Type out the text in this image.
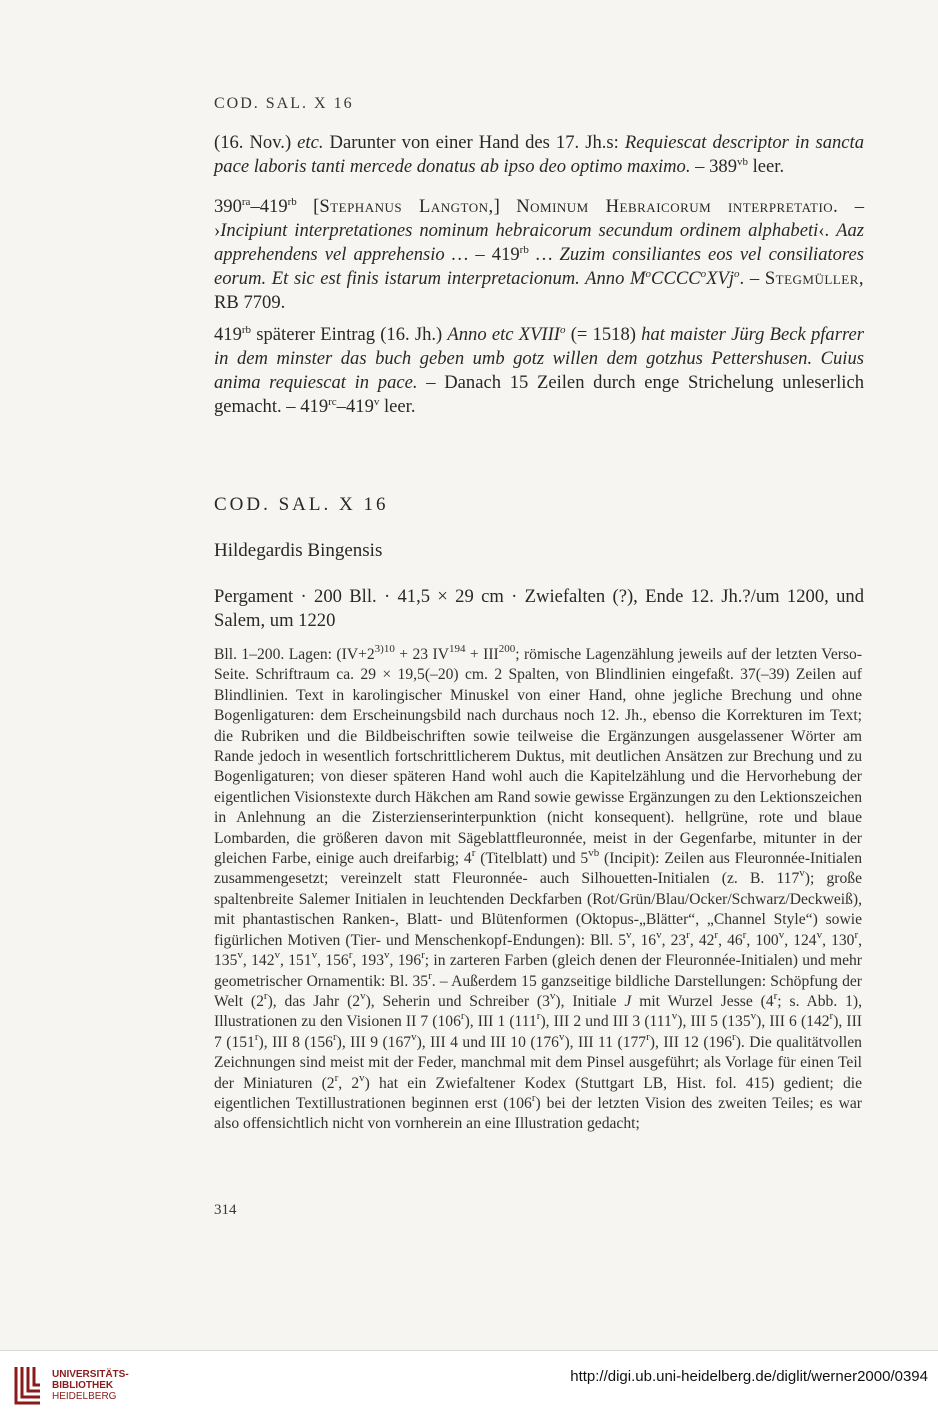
COD. SAL. X 16

(16. Nov.) etc. Darunter von einer Hand des 17. Jh.s: Requiescat descriptor in sancta pace laboris tanti mercede donatus ab ipso deo optimo maximo. – $389^{vb}$ leer.

$390^{ra}-419^{rb}$ [Stephanus Langton,] Nominum Hebraicorum interpretatio. – ›Incipiunt interpretationes nominum hebraicorum secundum ordinem alphabeti‹. Aaz apprehendens vel apprehensio … – $419^{rb}$ … Zuzim consiliantes eos vel consiliatores eorum. Et sic est finis istarum interpretacionum. Anno $M^oCCCC^oXVj^o$. – Stegmüller, RB 7709.

$419^{rb}$ späterer Eintrag (16. Jh.) Anno etc XVIII$^o$ (= 1518) hat maister Jürg Beck pfarrer in dem minster das buch geben umb gotz willen dem gotzhus Pettershusen. Cuius anima requiescat in pace. – Danach 15 Zeilen durch enge Strichelung unleserlich gemacht. – $419^{rc}-419^v$ leer.

COD. SAL. X 16
Hildegardis Bingensis

Pergament · 200 Bll. · 41,5 × 29 cm · Zwiefalten (?), Ende 12. Jh.?/um 1200, und Salem, um 1220

Bll. 1–200. Lagen: ($IV+2^{3)10} + 23$ $IV^{194} + III^{200}$; römische Lagenzählung jeweils auf der letzten Verso-Seite. Schriftraum ca. 29 × 19,5(–20) cm. 2 Spalten, von Blindlinien eingefaßt. 37(–39) Zeilen auf Blindlinien. Text in karolingischer Minuskel von einer Hand, ohne jegliche Brechung und ohne Bogenligaturen: dem Erscheinungsbild nach durchaus noch 12. Jh., ebenso die Korrekturen im Text; die Rubriken und die Bildbeischriften sowie teilweise die Ergänzungen ausgelassener Wörter am Rande jedoch in wesentlich fortschrittlicherem Duktus, mit deutlichen Ansätzen zur Brechung und zu Bogenligaturen; von dieser späteren Hand wohl auch die Kapitelzählung und die Hervorhebung der eigentlichen Visionstexte durch Häkchen am Rand sowie gewisse Ergänzungen zu den Lektionszeichen in Anlehnung an die Zisterzienserinterpunktion (nicht konsequent). hellgrüne, rote und blaue Lombarden, die größeren davon mit Sägeblattfleuronnée, meist in der Gegenfarbe, mitunter in der gleichen Farbe, einige auch dreifarbig; 4$^r$ (Titelblatt) und $5^{vb}$ (Incipit): Zeilen aus Fleuronnée-Initialen zusammengesetzt; vereinzelt statt Fleuronnée- auch Silhouetten-Initialen (z. B. 117$^v$); große spaltenbreite Salemer Initialen in leuchtenden Deckfarben (Rot/Grün/Blau/Ocker/Schwarz/Deckweiß), mit phantastischen Ranken-, Blatt- und Blütenformen (Oktopus-„Blätter“, „Channel Style“) sowie figürlichen Motiven (Tier- und Menschenkopf-Endungen): Bll. 5$^v$, 16$^v$, 23$^r$, 42$^r$, 46$^r$, 100$^v$, 124$^v$, 130$^r$, 135$^v$, 142$^v$, 151$^v$, 156$^r$, 193$^v$, 196$^r$; in zarteren Farben (gleich denen der Fleuronnée-Initialen) und mehr geometrischer Ornamentik: Bl. 35$^r$. – Außerdem 15 ganzseitige bildliche Darstellungen: Schöpfung der Welt (2$^r$), das Jahr (2$^v$), Seherin und Schreiber (3$^v$), Initiale J mit Wurzel Jesse (4$^r$; s. Abb. 1), Illustrationen zu den Visionen II 7 (106$^r$), III 1 (111$^r$), III 2 und III 3 (111$^v$), III 5 (135$^v$), III 6 (142$^r$), III 7 (151$^r$), III 8 (156$^r$), III 9 (167$^v$), III 4 und III 10 (176$^v$), III 11 (177$^r$), III 12 (196$^r$). Die qualitätvollen Zeichnungen sind meist mit der Feder, manchmal mit dem Pinsel ausgeführt; als Vorlage für einen Teil der Miniaturen (2$^r$, 2$^v$) hat ein Zwiefaltener Kodex (Stuttgart LB, Hist. fol. 415) gedient; die eigentlichen Textillustrationen beginnen erst (106$^r$) bei der letzten Vision des zweiten Teiles; es war also offensichtlich nicht von vornherein an eine Illustration gedacht;

314
UNIVERSITÄTS-
BIBLIOTHEK
HEIDELBERG
http://digi.ub.uni-heidelberg.de/diglit/werner2000/0394
